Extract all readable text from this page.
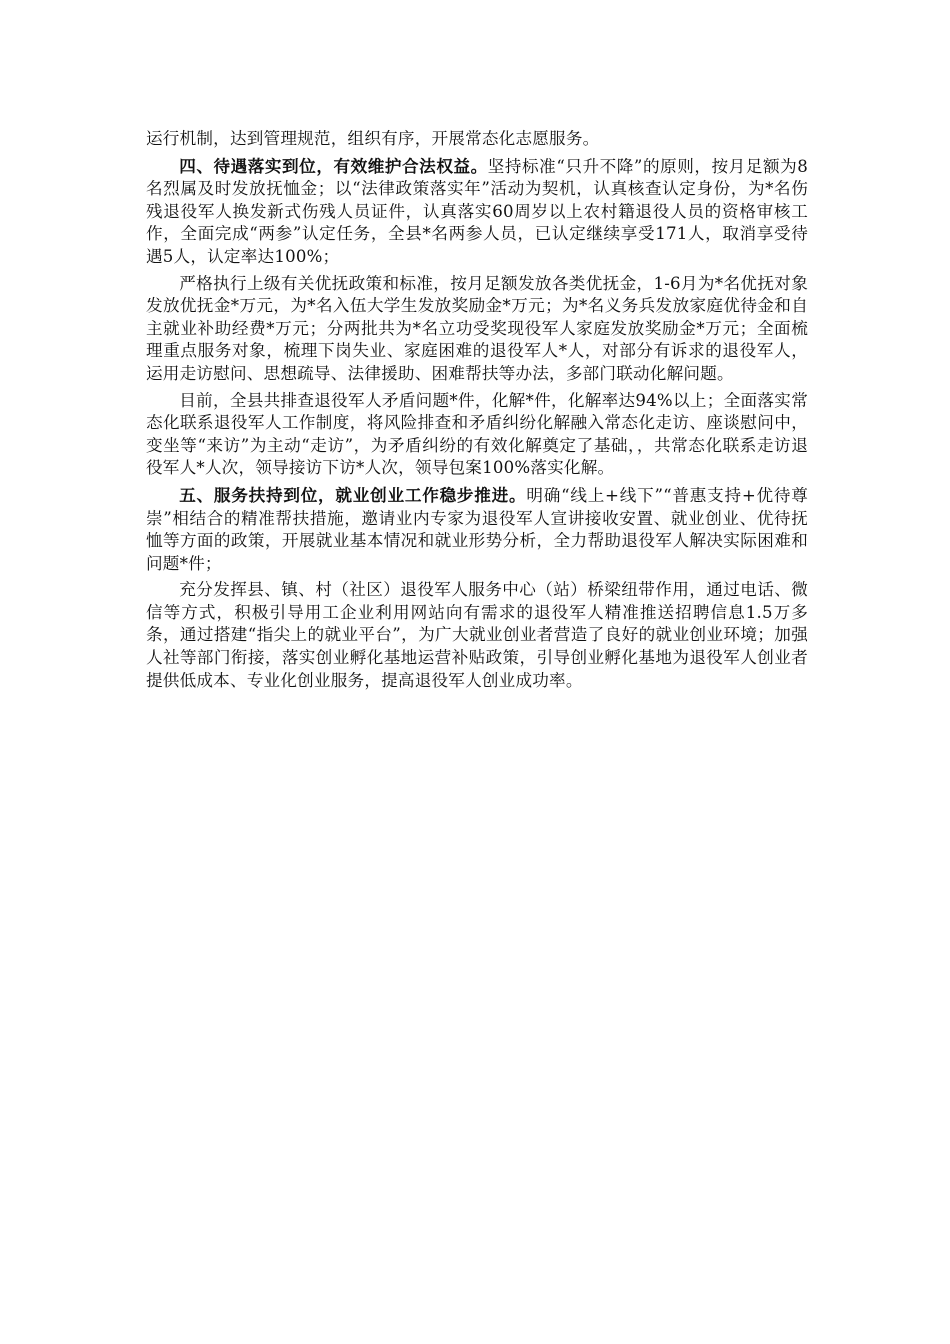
运行机制，达到管理规范，组织有序，开展常态化志愿服务。

四、待遇落实到位，有效维护合法权益。坚持标准“只升不降”的原则，按月足额为8名烈属及时发放抚恤金；以“法律政策落实年”活动为契机，认真核查认定身份，为*名伤残退役军人换发新式伤残人员证件，认真落实60周岁以上农村籍退役人员的资格审核工作，全面完成“两参”认定任务，全县*名两参人员，已认定继续享受171人，取消享受待遇5人，认定率达100%；

严格执行上级有关优抚政策和标准，按月足额发放各类优抚金，1-6月为*名优抚对象发放优抚金*万元，为*名入伍大学生发放奖励金*万元；为*名义务兵发放家庭优待金和自主就业补助经费*万元；分两批共为*名立功受奖现役军人家庭发放奖励金*万元；全面梳理重点服务对象，梳理下岗失业、家庭困难的退役军人*人，对部分有诉求的退役军人，运用走访慰问、思想疏导、法律援助、困难帮扶等办法，多部门联动化解问题。

目前，全县共排查退役军人矛盾问题*件，化解*件，化解率达94%以上；全面落实常态化联系退役军人工作制度，将风险排查和矛盾纠纷化解融入常态化走访、座谈慰问中，变坐等“来访”为主动“走访”，为矛盾纠纷的有效化解奠定了基础，，共常态化联系走访退役军人*人次，领导接访下访*人次，领导包案100%落实化解。

五、服务扶持到位，就业创业工作稳步推进。明确“线上+线下”“普惠支持+优待尊崇”相结合的精准帮扶措施，邀请业内专家为退役军人宣讲接收安置、就业创业、优待抚恤等方面的政策，开展就业基本情况和就业形势分析，全力帮助退役军人解决实际困难和问题*件；

充分发挥县、镇、村（社区）退役军人服务中心（站）桥梁纽带作用，通过电话、微信等方式，积极引导用工企业利用网站向有需求的退役军人精准推送招聘信息1.5万多条，通过搭建“指尖上的就业平台”，为广大就业创业者营造了良好的就业创业环境；加强人社等部门衔接，落实创业孵化基地运营补贴政策，引导创业孵化基地为退役军人创业者提供低成本、专业化创业服务，提高退役军人创业成功率。
